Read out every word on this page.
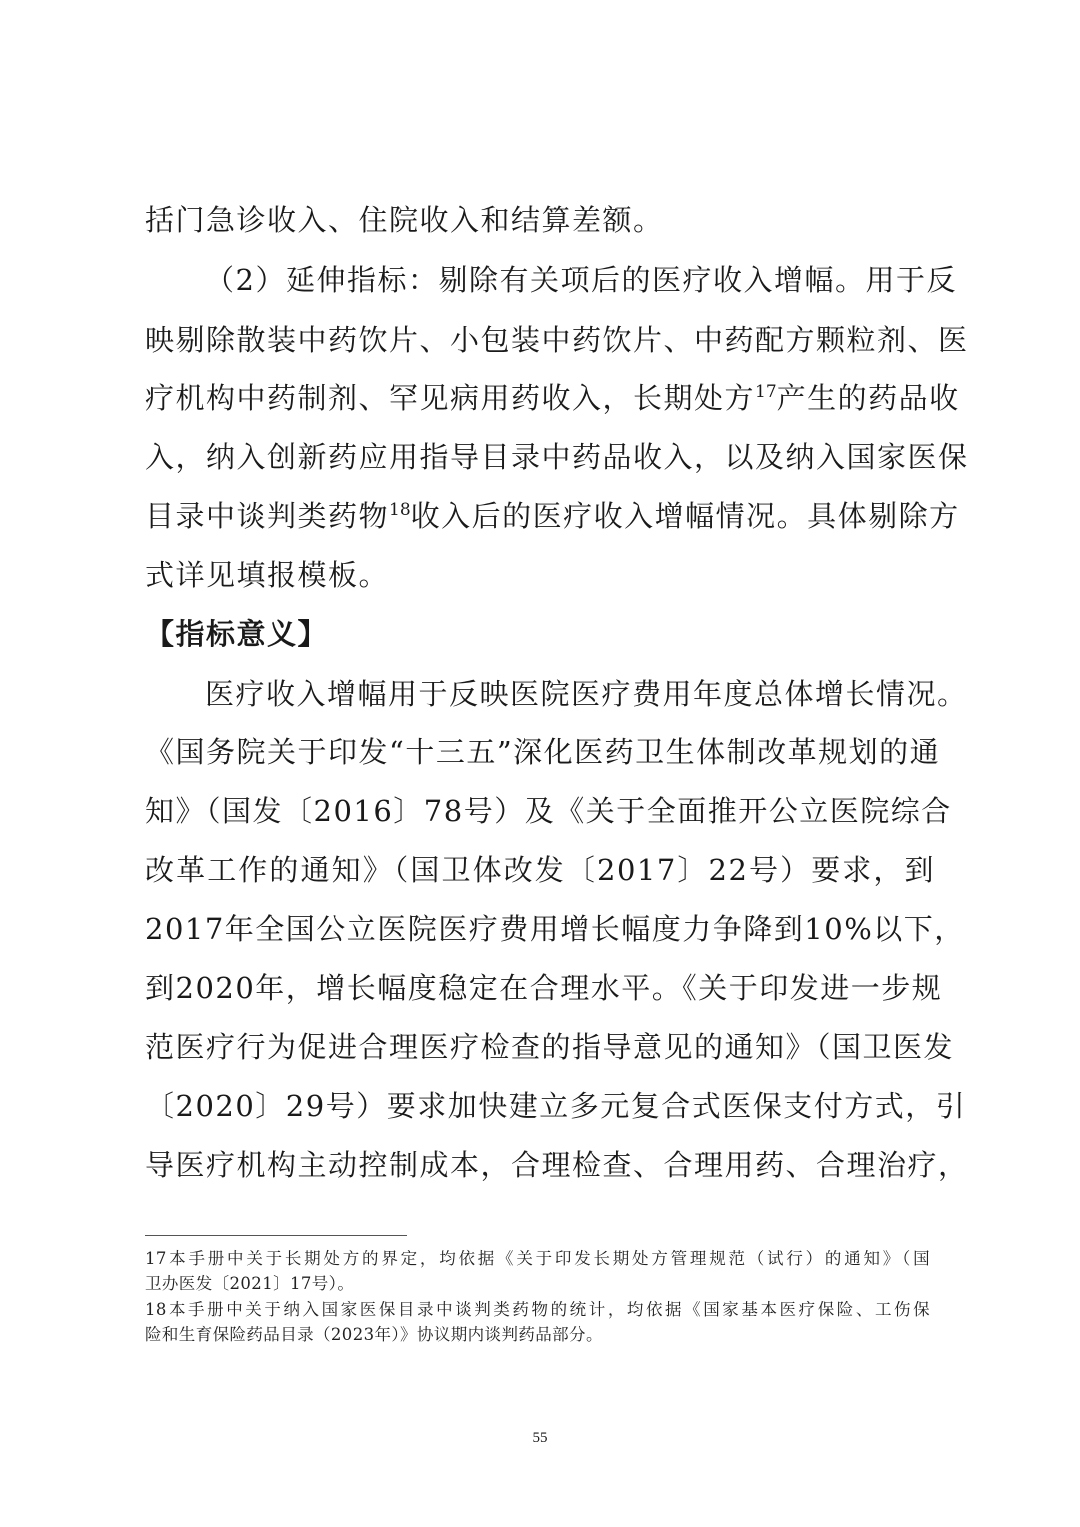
括门急诊收入、住院收入和结算差额。
（2）延伸指标：剔除有关项后的医疗收入增幅。用于反
映剔除散装中药饮片、小包装中药饮片、中药配方颗粒剂、医
疗机构中药制剂、罕见病用药收入，长期处方$^{17}$产生的药品收
入，纳入创新药应用指导目录中药品收入，以及纳入国家医保
目录中谈判类药物$^{18}$收入后的医疗收入增幅情况。具体剔除方
式详见填报模板。
【指标意义】
医疗收入增幅用于反映医院医疗费用年度总体增长情况。
《国务院关于印发“十三五”深化医药卫生体制改革规划的通
知》（国发〔2016〕78号）及《关于全面推开公立医院综合
改革工作的通知》（国卫体改发〔2017〕22号）要求，到
2017年全国公立医院医疗费用增长幅度力争降到10%以下，
到2020年，增长幅度稳定在合理水平。《关于印发进一步规
范医疗行为促进合理医疗检查的指导意见的通知》（国卫医发
〔2020〕29号）要求加快建立多元复合式医保支付方式，引
导医疗机构主动控制成本，合理检查、合理用药、合理治疗，
17本手册中关于长期处方的界定，均依据《关于印发长期处方管理规范（试行）的通知》（国
卫办医发〔2021〕17号）。
18本手册中关于纳入国家医保目录中谈判类药物的统计，均依据《国家基本医疗保险、工伤保
险和生育保险药品目录（2023年）》协议期内谈判药品部分。
55
